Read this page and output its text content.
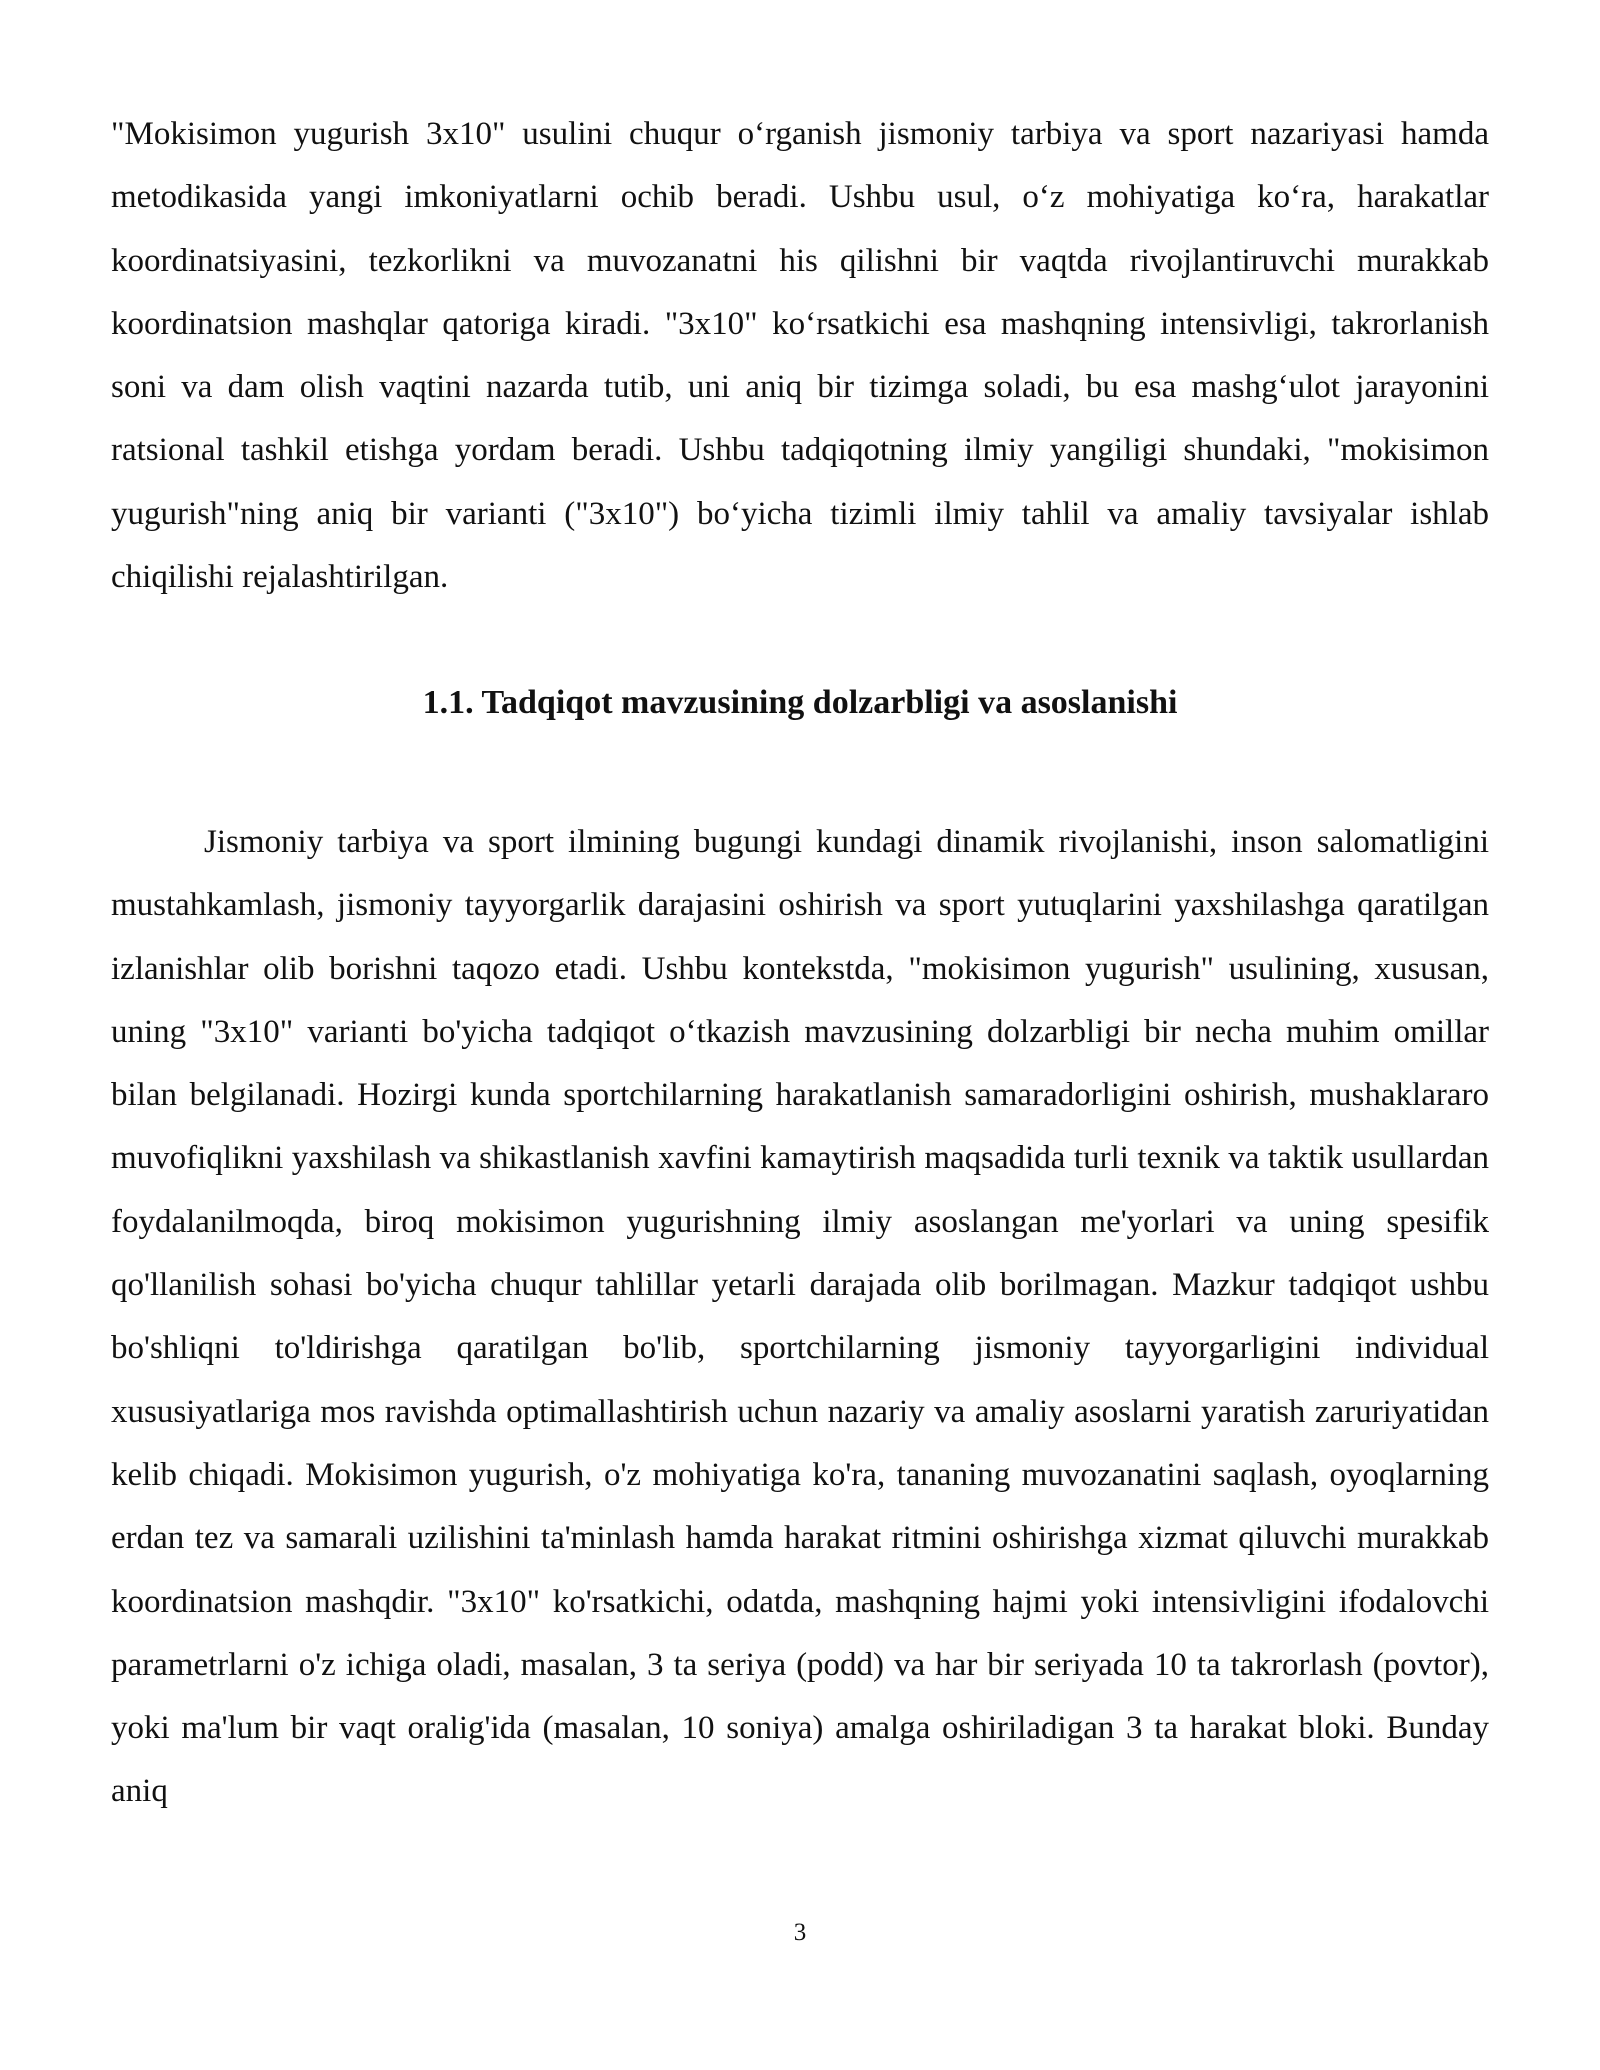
"Mokisimon yugurish 3x10" usulini chuqur o‘rganish jismoniy tarbiya va sport nazariyasi hamda metodikasida yangi imkoniyatlarni ochib beradi. Ushbu usul, o‘z mohiyatiga ko‘ra, harakatlar koordinatsiyasini, tezkorlikni va muvozanatni his qilishni bir vaqtda rivojlantiruvchi murakkab koordinatsion mashqlar qatoriga kiradi. "3x10" ko‘rsatkichi esa mashqning intensivligi, takrorlanish soni va dam olish vaqtini nazarda tutib, uni aniq bir tizimga soladi, bu esa mashg‘ulot jarayonini ratsional tashkil etishga yordam beradi. Ushbu tadqiqotning ilmiy yangiligi shundaki, "mokisimon yugurish"ning aniq bir varianti ("3x10") bo‘yicha tizimli ilmiy tahlil va amaliy tavsiyalar ishlab chiqilishi rejalashtirilgan.

1.1. Tadqiqot mavzusining dolzarbligi va asoslanishi

Jismoniy tarbiya va sport ilmining bugungi kundagi dinamik rivojlanishi, inson salomatligini mustahkamlash, jismoniy tayyorgarlik darajasini oshirish va sport yutuqlarini yaxshilashga qaratilgan izlanishlar olib borishni taqozo etadi. Ushbu kontekstda, "mokisimon yugurish" usulining, xususan, uning "3x10" varianti bo'yicha tadqiqot o‘tkazish mavzusining dolzarbligi bir necha muhim omillar bilan belgilanadi. Hozirgi kunda sportchilarning harakatlanish samaradorligini oshirish, mushaklararo muvofiqlikni yaxshilash va shikastlanish xavfini kamaytirish maqsadida turli texnik va taktik usullardan foydalanilmoqda, biroq mokisimon yugurishning ilmiy asoslangan me'yorlari va uning spesifik qo'llanilish sohasi bo'yicha chuqur tahlillar yetarli darajada olib borilmagan. Mazkur tadqiqot ushbu bo'shliqni to'ldirishga qaratilgan bo'lib, sportchilarning jismoniy tayyorgarligini individual xususiyatlariga mos ravishda optimallashtirish uchun nazariy va amaliy asoslarni yaratish zaruriyatidan kelib chiqadi. Mokisimon yugurish, o'z mohiyatiga ko'ra, tananing muvozanatini saqlash, oyoqlarning erdan tez va samarali uzilishini ta'minlash hamda harakat ritmini oshirishga xizmat qiluvchi murakkab koordinatsion mashqdir. "3x10" ko'rsatkichi, odatda, mashqning hajmi yoki intensivligini ifodalovchi parametrlarni o'z ichiga oladi, masalan, 3 ta seriya (podd) va har bir seriyada 10 ta takrorlash (povtor), yoki ma'lum bir vaqt oralig'ida (masalan, 10 soniya) amalga oshiriladigan 3 ta harakat bloki. Bunday aniq

3
